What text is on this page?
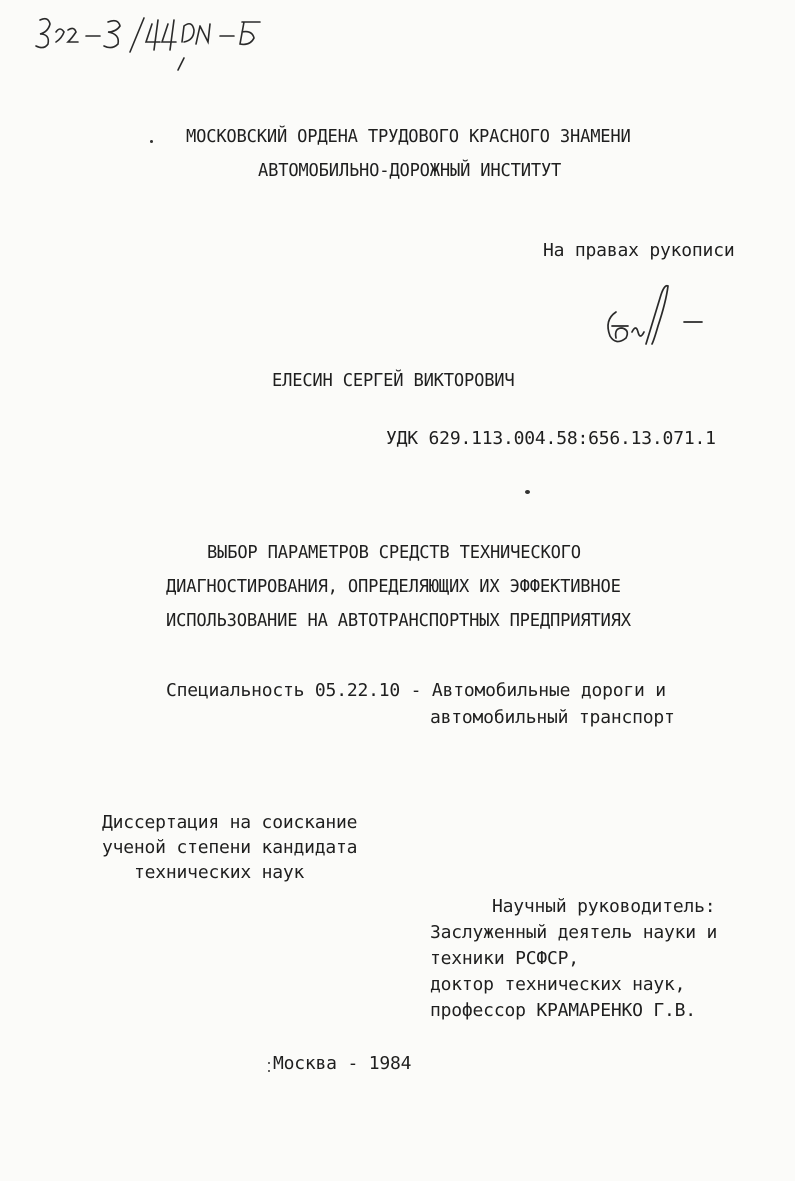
МОСКОВСКИЙ ОРДЕНА ТРУДОВОГО КРАСНОГО ЗНАМЕНИ
АВТОМОБИЛЬНО-ДОРОЖНЫЙ ИНСТИТУТ
На правах рукописи
ЕЛЕСИН СЕРГЕЙ ВИКТОРОВИЧ
УДК 629.113.004.58:656.13.071.1
ВЫБОР ПАРАМЕТРОВ СРЕДСТВ ТЕХНИЧЕСКОГО
ДИАГНОСТИРОВАНИЯ, ОПРЕДЕЛЯЮЩИХ ИХ ЭФФЕКТИВНОЕ
ИСПОЛЬЗОВАНИЕ НА АВТОТРАНСПОРТНЫХ ПРЕДПРИЯТИЯХ
Специальность 05.22.10 - Автомобильные дороги и
автомобильный транспорт
Диссертация на соискание
ученой степени кандидата
технических наук
Научный руководитель:
Заслуженный деятель науки и
техники РСФСР,
доктор технических наук,
профессор КРАМАРЕНКО Г.В.
Москва - 1984
